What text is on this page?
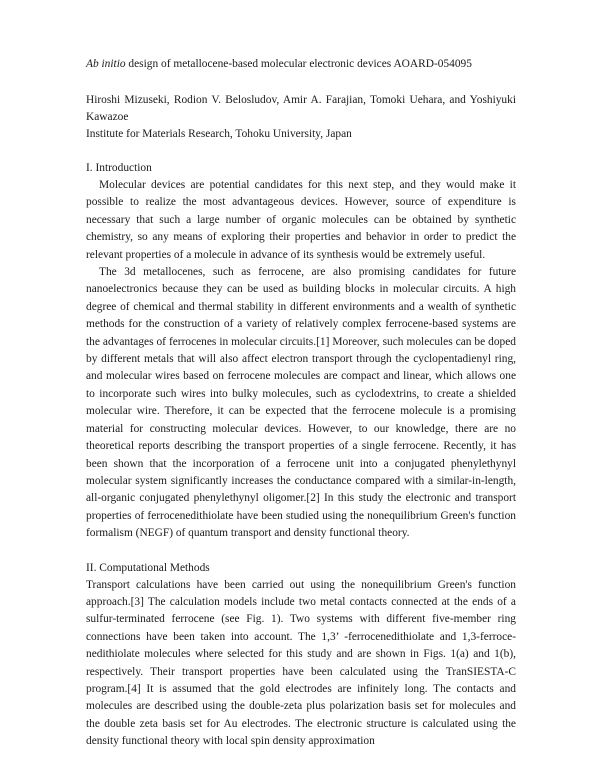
Ab initio design of metallocene-based molecular electronic devices AOARD-054095

Hiroshi Mizuseki, Rodion V. Belosludov, Amir A. Farajian, Tomoki Uehara, and Yoshiyuki Kawazoe

Institute for Materials Research, Tohoku University, Japan

I. Introduction

Molecular devices are potential candidates for this next step, and they would make it possible to realize the most advantageous devices. However, source of expenditure is necessary that such a large number of organic molecules can be obtained by synthetic chemistry, so any means of exploring their properties and behavior in order to predict the relevant properties of a molecule in advance of its synthesis would be extremely useful.

The 3d metallocenes, such as ferrocene, are also promising candidates for future nanoelectronics because they can be used as building blocks in molecular circuits. A high degree of chemical and thermal stability in different environments and a wealth of synthetic methods for the construction of a variety of relatively complex ferrocene-based systems are the advantages of ferrocenes in molecular circuits.[1] Moreover, such molecules can be doped by different metals that will also affect electron transport through the cyclopentadienyl ring, and molecular wires based on ferrocene molecules are compact and linear, which allows one to incorporate such wires into bulky molecules, such as cyclodextrins, to create a shielded molecular wire. Therefore, it can be expected that the ferrocene molecule is a promising material for constructing molecular devices. However, to our knowledge, there are no theoretical reports describing the transport properties of a single ferrocene. Recently, it has been shown that the incorporation of a ferrocene unit into a conjugated phenylethynyl molecular system significantly increases the conductance compared with a similar-in-length, all-organic conjugated phenylethynyl oligomer.[2] In this study the electronic and transport properties of ferrocenedithiolate have been studied using the nonequilibrium Green's function formalism (NEGF) of quantum transport and density functional theory.

II. Computational Methods

Transport calculations have been carried out using the nonequilibrium Green's function approach.[3] The calculation models include two metal contacts connected at the ends of a sulfur-terminated ferrocene (see Fig. 1). Two systems with different five-member ring connections have been taken into account. The 1,3’ -ferrocenedithiolate and 1,3-ferroce-nedithiolate molecules where selected for this study and are shown in Figs. 1(a) and 1(b), respectively. Their transport properties have been calculated using the TranSIESTA-C program.[4] It is assumed that the gold electrodes are infinitely long. The contacts and molecules are described using the double-zeta plus polarization basis set for molecules and the double zeta basis set for Au electrodes. The electronic structure is calculated using the density functional theory with local spin density approximation
